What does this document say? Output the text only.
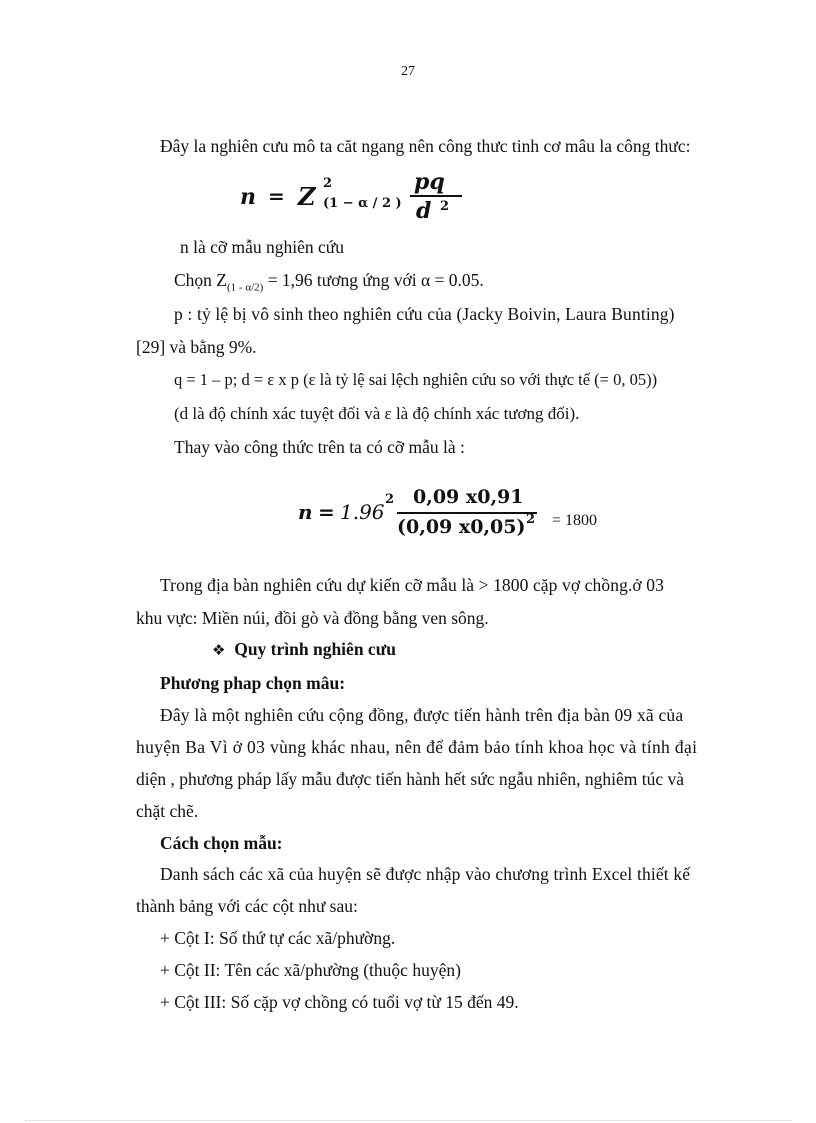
27
Đây la nghiên cưu mô ta căt ngang nên công thưc tinh cơ mâu la công thưc:
n = Z 2
(1 − α / 2 )
pq
d 2
n là cỡ mẫu nghiên cứu
Chọn $Z_{(1 - \alpha/2)} = 1,96$ tương ứng với α = 0.05.
p : tỷ lệ bị vô sinh theo nghiên cứu của (Jacky Boivin, Laura Bunting)
[29] và bằng 9%.
q = 1 – p; d = ε x p (ε là tỷ lệ sai lệch nghiên cứu so với thực tế (= 0, 05))
(d là độ chính xác tuyệt đối và ε là độ chính xác tương đối).
Thay vào công thức trên ta có cỡ mẫu là :
n = 1.96
2 0,09 x0,91
(0,09 x0,05) 2 = 1800
Trong địa bàn nghiên cứu dự kiến cỡ mẫu là > 1800 cặp vợ chồng.ở 03
khu vực: Miền núi, đồi gò và đồng bằng ven sông.
❖ Quy trình nghiên cưu
Phương phap chọn mâu:
Đây là một nghiên cứu cộng đồng, được tiến hành trên địa bàn 09 xã của
huyện Ba Vì ở 03 vùng khác nhau, nên để đảm bảo tính khoa học và tính đại
diện , phương pháp lấy mẫu được tiến hành hết sức ngẫu nhiên, nghiêm túc và
chặt chẽ.
Cách chọn mẫu:
Danh sách các xã của huyện sẽ được nhập vào chương trình Excel thiết kế
thành bảng với các cột như sau:
+ Cột I: Số thứ tự các xã/phường.
+ Cột II: Tên các xã/phường (thuộc huyện)
+ Cột III: Số cặp vợ chồng có tuổi vợ từ 15 đến 49.
